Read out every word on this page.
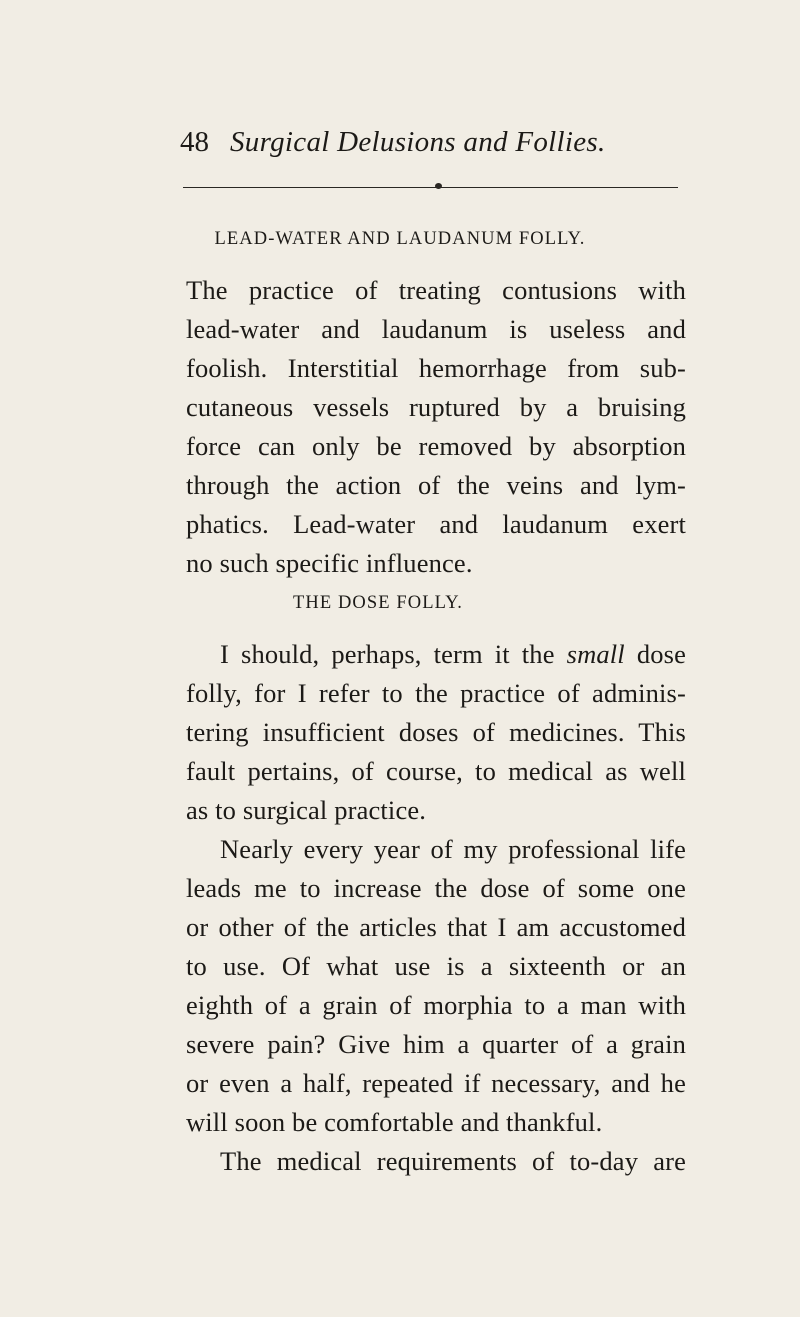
48 Surgical Delusions and Follies.
LEAD-WATER AND LAUDANUM FOLLY.
The practice of treating contusions with
lead-water and laudanum is useless and
foolish. Interstitial hemorrhage from sub-
cutaneous vessels ruptured by a bruising
force can only be removed by absorption
through the action of the veins and lym-
phatics. Lead-water and laudanum exert
no such specific influence.
THE DOSE FOLLY.
I should, perhaps, term it the small dose
folly, for I refer to the practice of adminis-
tering insufficient doses of medicines. This
fault pertains, of course, to medical as well
as to surgical practice.
Nearly every year of my professional life
leads me to increase the dose of some one
or other of the articles that I am accustomed
to use. Of what use is a sixteenth or an
eighth of a grain of morphia to a man with
severe pain? Give him a quarter of a grain
or even a half, repeated if necessary, and he
will soon be comfortable and thankful.
The medical requirements of to-day are
